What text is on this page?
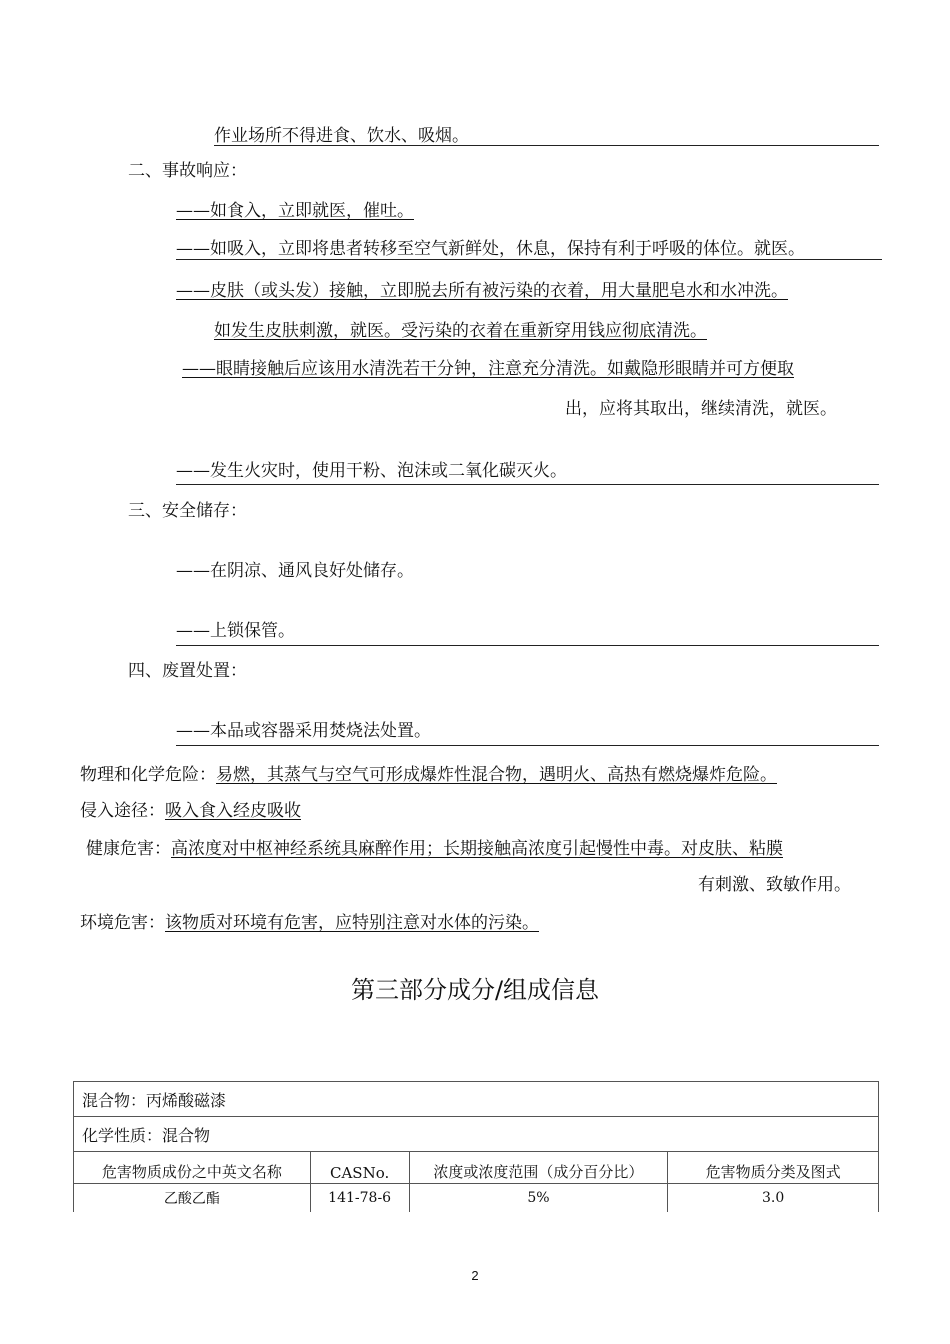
作业场所不得进食、饮水、吸烟。
二、事故响应：
——如食入，立即就医，催吐。
——如吸入，立即将患者转移至空气新鲜处，休息，保持有利于呼吸的体位。就医。
——皮肤（或头发）接触，立即脱去所有被污染的衣着，用大量肥皂水和水冲洗。
如发生皮肤刺激，就医。受污染的衣着在重新穿用钱应彻底清洗。
——眼睛接触后应该用水清洗若干分钟，注意充分清洗。如戴隐形眼睛并可方便取
出，应将其取出，继续清洗，就医。
——发生火灾时，使用干粉、泡沫或二氧化碳灭火。
三、安全储存：
——在阴凉、通风良好处储存。
——上锁保管。
四、废置处置：
——本品或容器采用焚烧法处置。
物理和化学危险：易燃，其蒸气与空气可形成爆炸性混合物，遇明火、高热有燃烧爆炸危险。
侵入途径：吸入食入经皮吸收
健康危害：高浓度对中枢神经系统具麻醉作用；长期接触高浓度引起慢性中毒。对皮肤、粘膜
有刺激、致敏作用。
环境危害：该物质对环境有危害，应特别注意对水体的污染。
第三部分成分/组成信息
混合物：丙烯酸磁漆			
化学性质：混合物			
危害物质成份之中英文名称	CASNo.	浓度或浓度范围（成分百分比）	危害物质分类及图式
乙酸乙酯	141-78-6	5%	3.0
2
